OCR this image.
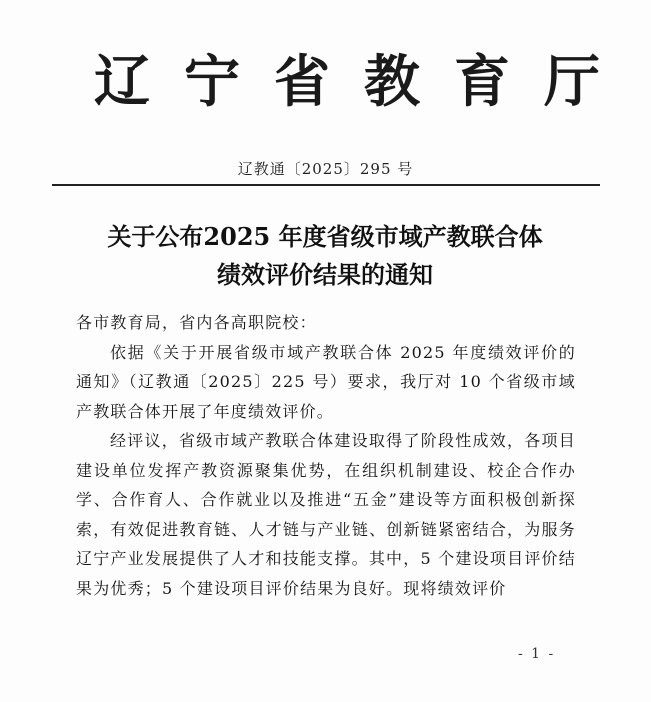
辽宁省教育厅
辽教通〔2025〕295 号
关于公布2025 年度省级市域产教联合体
绩效评价结果的通知

各市教育局，省内各高职院校：

依据《关于开展省级市域产教联合体 2025 年度绩效评价的通知》（辽教通〔2025〕225 号）要求，我厅对 10 个省级市域产教联合体开展了年度绩效评价。

经评议，省级市域产教联合体建设取得了阶段性成效，各项目建设单位发挥产教资源聚集优势，在组织机制建设、校企合作办学、合作育人、合作就业以及推进“五金”建设等方面积极创新探索，有效促进教育链、人才链与产业链、创新链紧密结合，为服务辽宁产业发展提供了人才和技能支撑。其中，5 个建设项目评价结果为优秀；5 个建设项目评价结果为良好。现将绩效评价

- 1 -
